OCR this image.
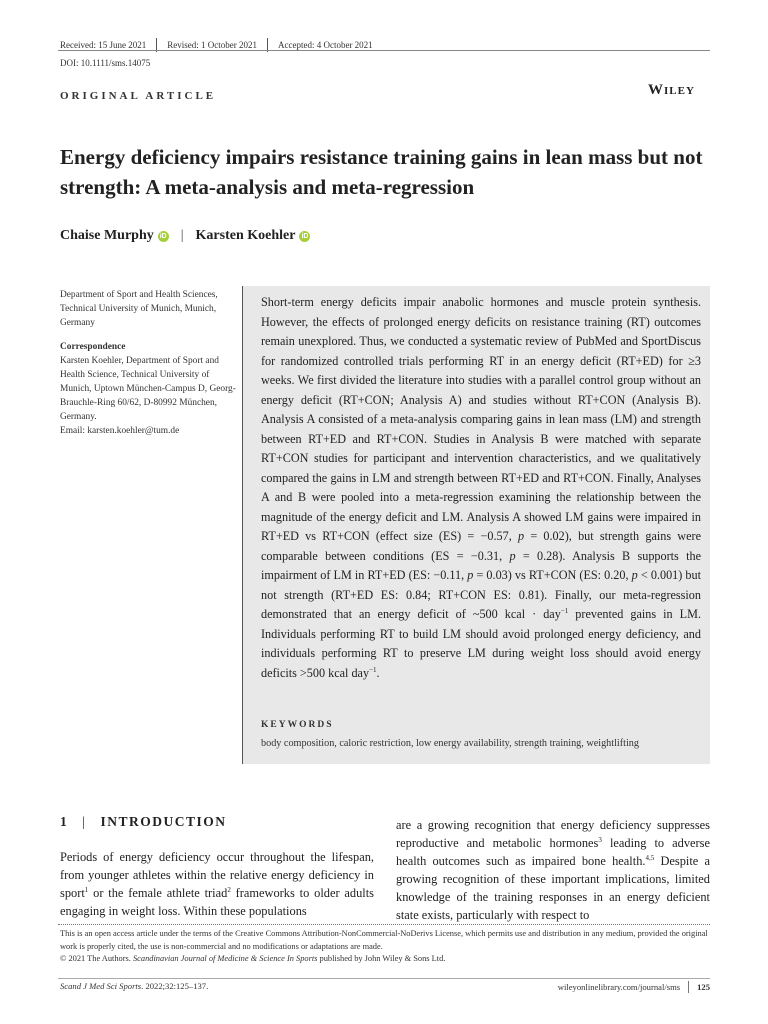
Received: 15 June 2021 Revised: 1 October 2021 Accepted: 4 October 2021
DOI: 10.1111/sms.14075
ORIGINAL ARTICLE	Wiley
Energy deficiency impairs resistance training gains in lean mass but not strength: A meta-analysis and meta-regression
Chaise Murphy iD | Karsten Koehler iD
Department of Sport and Health Sciences, Technical University of Munich, Munich, Germany
Correspondence
Karsten Koehler, Department of Sport and Health Science, Technical University of Munich, Uptown München-Campus D, Georg-Brauchle-Ring 60/62, D-80992 München, Germany.
Email: karsten.koehler@tum.de
Short-term energy deficits impair anabolic hormones and muscle protein synthesis. However, the effects of prolonged energy deficits on resistance training (RT) outcomes remain unexplored. Thus, we conducted a systematic review of PubMed and SportDiscus for randomized controlled trials performing RT in an energy deficit (RT+ED) for ≥3 weeks. We first divided the literature into studies with a parallel control group without an energy deficit (RT+CON; Analysis A) and studies without RT+CON (Analysis B). Analysis A consisted of a meta-analysis comparing gains in lean mass (LM) and strength between RT+ED and RT+CON. Studies in Analysis B were matched with separate RT+CON studies for participant and intervention characteristics, and we qualitatively compared the gains in LM and strength between RT+ED and RT+CON. Finally, Analyses A and B were pooled into a meta-regression examining the relationship between the magnitude of the energy deficit and LM. Analysis A showed LM gains were impaired in RT+ED vs RT+CON (effect size (ES) = −0.57, p = 0.02), but strength gains were comparable between conditions (ES = −0.31, p = 0.28). Analysis B supports the impairment of LM in RT+ED (ES: −0.11, p = 0.03) vs RT+CON (ES: 0.20, p < 0.001) but not strength (RT+ED ES: 0.84; RT+CON ES: 0.81). Finally, our meta-regression demonstrated that an energy deficit of ~500 kcal · day$^{-1}$ prevented gains in LM. Individuals performing RT to build LM should avoid prolonged energy deficiency, and individuals performing RT to preserve LM during weight loss should avoid energy deficits >500 kcal day$^{-1}$.
KEYWORDS
body composition, caloric restriction, low energy availability, strength training, weightlifting
1 | INTRODUCTION
Periods of energy deficiency occur throughout the lifespan, from younger athletes within the relative energy deficiency in sport$^1$ or the female athlete triad$^2$ frameworks to older adults engaging in weight loss. Within these populations
are a growing recognition that energy deficiency suppresses reproductive and metabolic hormones$^3$ leading to adverse health outcomes such as impaired bone health.$^{4,5}$ Despite a growing recognition of these important implications, limited knowledge of the training responses in an energy deficient state exists, particularly with respect to
This is an open access article under the terms of the Creative Commons Attribution-NonCommercial-NoDerivs License, which permits use and distribution in any medium, provided the original work is properly cited, the use is non-commercial and no modifications or adaptations are made.
© 2021 The Authors. Scandinavian Journal of Medicine & Science In Sports published by John Wiley & Sons Ltd.
Scand J Med Sci Sports. 2022;32:125–137.	wileyonlinelibrary.com/journal/sms 125
